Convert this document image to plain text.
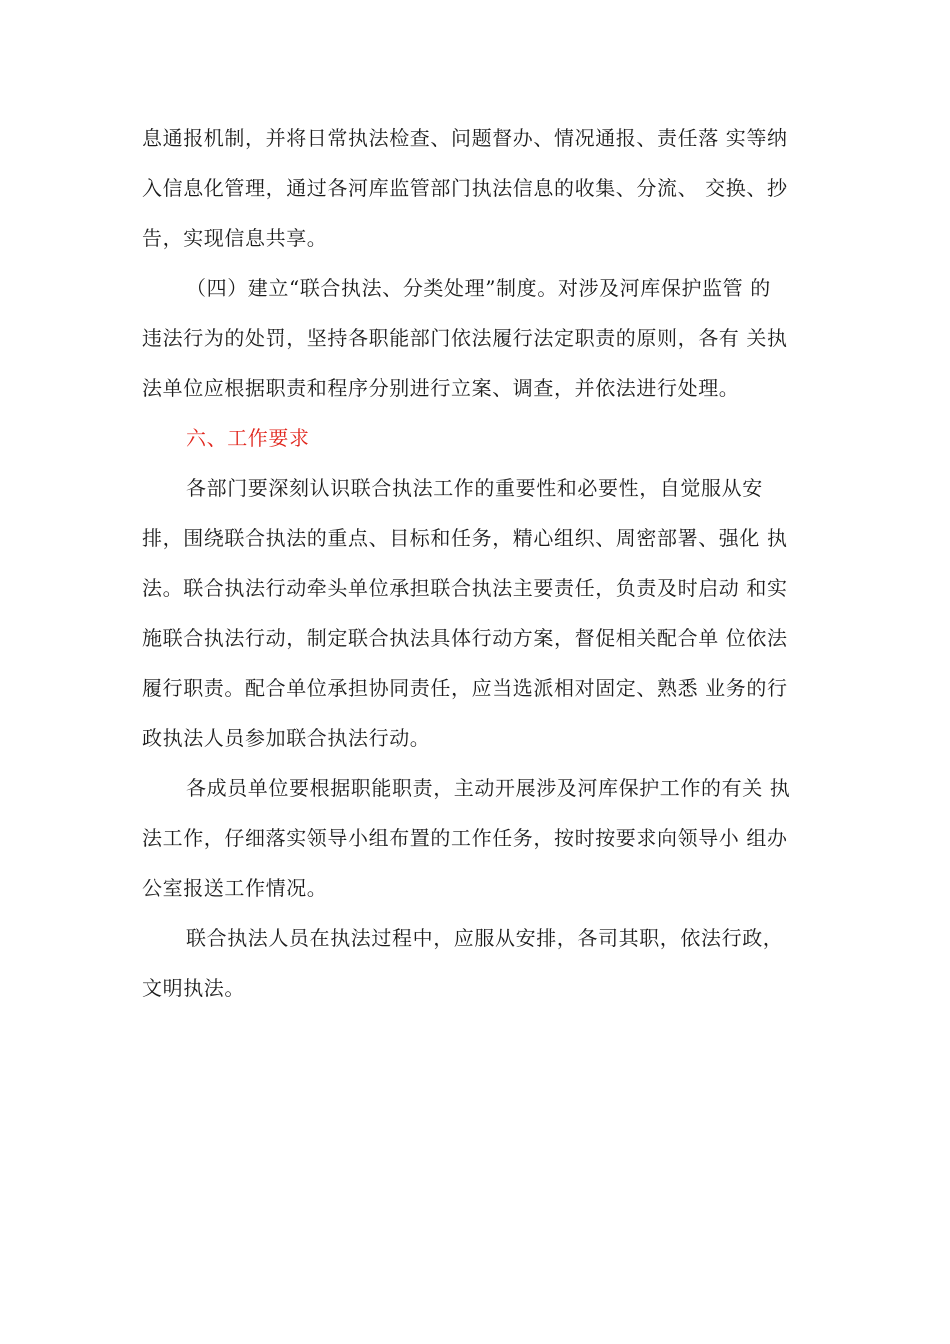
息通报机制，并将日常执法检查、问题督办、情况通报、责任落 实等纳
入信息化管理，通过各河库监管部门执法信息的收集、分流、 交换、抄
告，实现信息共享。
（四）建立“联合执法、分类处理”制度。对涉及河库保护监管 的
违法行为的处罚，坚持各职能部门依法履行法定职责的原则，各有 关执
法单位应根据职责和程序分别进行立案、调查，并依法进行处理。
六、工作要求
各部门要深刻认识联合执法工作的重要性和必要性，自觉服从安
排，围绕联合执法的重点、目标和任务，精心组织、周密部署、强化 执
法。联合执法行动牵头单位承担联合执法主要责任，负责及时启动 和实
施联合执法行动，制定联合执法具体行动方案，督促相关配合单 位依法
履行职责。配合单位承担协同责任，应当选派相对固定、熟悉 业务的行
政执法人员参加联合执法行动。
各成员单位要根据职能职责，主动开展涉及河库保护工作的有关 执
法工作，仔细落实领导小组布置的工作任务，按时按要求向领导小 组办
公室报送工作情况。
联合执法人员在执法过程中，应服从安排，各司其职，依法行政，
文明执法。
